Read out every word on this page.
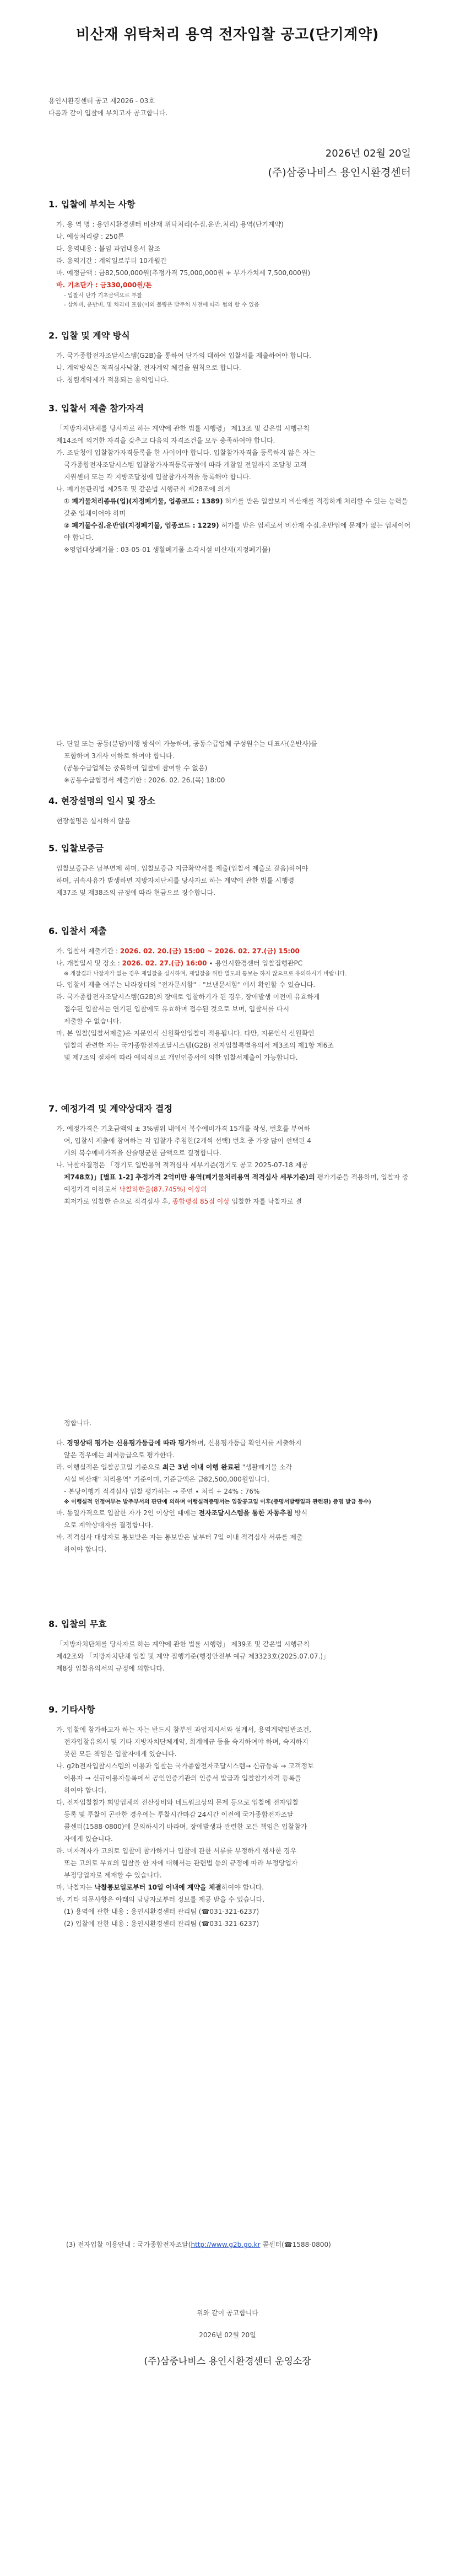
비산재 위탁처리 용역 전자입찰 공고(단기계약)
용인시환경센터 공고 제2026 - 03호
다음과 같이 입찰에 부치고자 공고합니다.
2026년 02월 20일
(주)삼중나비스 용인시환경센터
1. 입찰에 부치는 사항
가. 용 역 명 : 용인시환경센터 비산재 위탁처리(수집․운반․처리) 용역(단기계약)
나. 예상처리량 : 250톤
다. 용역내용 : 불임 과업내용서 참조
라. 용역기간 : 계약일로부터 10개월간
마. 예정금액 : 금82,500,000원(추정가격 75,000,000원 + 부가가치세 7,500,000원)
바. 기초단가 : 금330,000원/톤
- 입찰시 단가 기초금액으로 투찰
- 상차비, 운반비, 및 처리비 포함(이외 불량은 발주처 사전에 따라 협의 할 수 있음
2. 입찰 및 계약 방식
가. 국가종합전자조달시스템(G2B)을 통하여 단가의 대하여 입찰서를 제출하여야 합니다.
나. 계약방식은 적격심사낙찰, 전자계약 체결을 원칙으로 합니다.
다. 청렴계약제가 적용되는 용역입니다.
3. 입찰서 제출 참가자격
「지방자치단체를 당사자로 하는 계약에 관한 법률 시행령」 제13조 및 같은법 시행규칙
제14조에 의거한 자격을 갖추고 다음의 자격조건을 모두 충족하여야 합니다.
가. 조달청에 입찰참가자격등록을 한 사이어야 합니다. 입찰참가자격을 등록하지 않은 자는
국가종합전자조달시스템 입찰참가자격등록규정에 따라 개찰일 전일까지 조달청 고객
지원센터 또는 각 지방조달청에 입찰참가자격을 등록해야 합니다.
나. 폐기물관리법 제25조 및 같은법 시행규칙 제28조에 의거
① 폐기물처리종류(업)(지정폐기물, 업종코드 : 1389) 허가를 받은 입찰보지 비산재를 적정하게 처리할 수 있는 능력을 갖춘 업체이어야 하며
② 폐기물수집․운반업(지정폐기물, 업종코드 : 1229) 허가를 받은 업체로서 비산재 수집․운반업에 문제가 없는 업체이어야 합니다.
※영업대상폐기물 : 03-05-01 생활폐기물 소각시설 비산재(지정폐기물)
다. 단일 또는 공동(분담)이행 방식이 가능하며, 공동수급업체 구성원수는 대표사(운반사)를
포함하여 3개사 이하로 하여야 합니다.
(공동수급업체는 중복하여 입찰에 참여할 수 없음)
※공동수급협정서 제출기한 : 2026. 02. 26.(목) 18:00
4. 현장설명의 일시 및 장소
현장설명은 실시하지 않음
5. 입찰보증금
입찰보증금은 납부면제 하며, 입찰보증금 지급확약서를 제출(입찰서 제출로 갈음)하여야
하며, 귀속사유가 발생하면 지방자치단체를 당사자로 하는 계약에 관한 법률 시행령
제37조 및 제38조의 규정에 따라 현금으로 징수합니다.
6. 입찰서 제출
가. 입찰서 제출기간 : 2026. 02. 20.(금) 15:00 ~ 2026. 02. 27.(금) 15:00
나. 개찰일시 및 장소 : 2026. 02. 27.(금) 16:00 ∙ 용인시환경센터 입찰집행관PC
※ 개찰결과 낙찰자가 없는 경우 재입찰을 실시하며, 재입찰을 위한 별도의 통보는 하지 않으므로 유의하시기 바랍니다.
다. 입찰서 제출 여부는 나라장터의 "전자문서함" - "보낸문서함" 에서 확인할 수 있습니다.
라. 국가종합전자조달시스템(G2B)의 장애로 입찰하기가 된 경우, 장애발생 이전에 유효하게
접수된 입찰서는 연기된 입찰에도 유효하며 접수된 것으로 보며, 입찰서를 다시
제출할 수 없습니다.
마. 본 입찰(입찰서제출)은 지문인식 신원확인입찰이 적용됩니다. 다만, 지문인식 신원확인
입찰의 관련한 자는 국가종합전자조달시스템(G2B) 전자입찰특별유의서 제3조의 제1항 제6조
및 제7조의 절차에 따라 예외적으로 개인인증서에 의한 입찰서제출이 가능합니다.
7. 예정가격 및 계약상대자 결정
가. 예정가격은 기초금액의 ± 3%범위 내에서 복수예비가격 15개를 작성, 번호를 부여하
여, 입찰서 제출에 참여하는 각 입찰가 추첨한(2개씩 선택) 번호 중 가장 많이 선택된 4
개의 복수예비가격을 산술평균한 금액으로 결정합니다.
나. 낙찰자결정은 「경기도 일반용역 적격심사 세부기준(경기도 공고 2025-07-18 제공
제748호)」[별표 1-2] 추정가격 2억미만 용역(폐기물처리용역 적격심사 세부기준)의 평가기준을 적용하며, 입찰자 중 예정가격 이하로서 낙찰하한율(87.745%) 이상의
최저가로 입찰한 순으로 적격심사 후, 종합평점 85점 이상 입찰한 자를 낙찰자로 결
정합니다.
다. 경영상태 평가는 신용평가등급에 따라 평가하며, 신용평가등급 확인서를 제출하지
않은 경우에는 최저등급으로 평가한다.
라. 이행실적은 입찰공고일 기준으로 최근 3년 이내 이행 완료된 "생활폐기물 소각
시설 비산재" 처리용역" 기준이며, 기준금액은 금82,500,000원입니다.
- 본당이행기 적격심사 입찰 평가하는 → 준연 ∙ 처리 + 24% : 76%
※ 이행실적 인정여부는 발주부서의 판단에 의하며 이행실적증명서는 입찰공고일 이후(증명서발행일과 관련된) 증명 발급 등수)
마. 동일가격으로 입찰한 자가 2인 이상인 때에는 전자조달시스템을 통한 자동추첨 방식
으로 계약상대자를 결정합니다.
바. 적격심사 대상자로 통보받은 자는 통보받은 날부터 7일 이내 적격심사 서류를 제출
하여야 합니다.
8. 입찰의 무효
「지방자치단체를 당사자로 하는 계약에 관한 법률 시행령」 제39조 및 같은법 시행규칙
제42조와 「지방자치단체 입찰 및 계약 집행기준(행정안전부 예규 제3323호(2025.07.07.)」
제8장 입찰유의서의 규정에 의합니다.
9. 기타사항
가. 입찰에 참가하고자 하는 자는 반드시 참부된 과업지시서와 설계서, 용역계약일반조건,
전자입찰유의서 및 기타 지방자치단체계약, 회계예규 등을 숙지하여야 하며, 숙지하지
못한 모든 책임은 입찰자에게 있습니다.
나. g2b전자입찰시스템의 이용과 입찰는 국가종합전자조달시스템→ 신규등록 → 고객정보
이용자 → 신규이용자등록에서 공인인증기관의 인증서 발급과 입찰참가자격 등록을
하여야 합니다.
다. 전자입찰참가 희망업체의 전산장비와 네트워크상의 문제 등으로 입찰에 전자입찰
등록 및 투찰이 곤란한 경우에는 투찰시간마감 24시간 이전에 국가종합전자조달
콜센터(1588-0800)에 문의하시기 바라며, 장애발생과 관련한 모든 책임은 입찰참가
자에게 있습니다.
라. 미자격자가 고의로 입찰에 참가하거나 입찰에 관한 서류를 부정하게 행사한 경우
또는 고의로 무효의 입찰을 한 자에 대해서는 관련법 등의 규정에 따라 부정당업자
부정당업자로 제재할 수 있습니다.
마. 낙찰자는 낙찰통보일로부터 10일 이내에 계약을 체결하여야 합니다.
바. 기타 의문사항은 아래의 담당자로부터 정보를 제공 받을 수 있습니다.
(1) 용역에 관한 내용 : 용인시환경센터 관리팀 (☎031-321-6237)
(2) 입찰에 관한 내용 : 용인시환경센터 관리팀 (☎031-321-6237)
(3) 전자입찰 이용안내 : 국가종합전자조달(http://www.g2b.go.kr 콜센터(☎1588-0800)
위와 같이 공고합니다
2026년 02월 20일
(주)삼중나비스 용인시환경센터 운영소장
